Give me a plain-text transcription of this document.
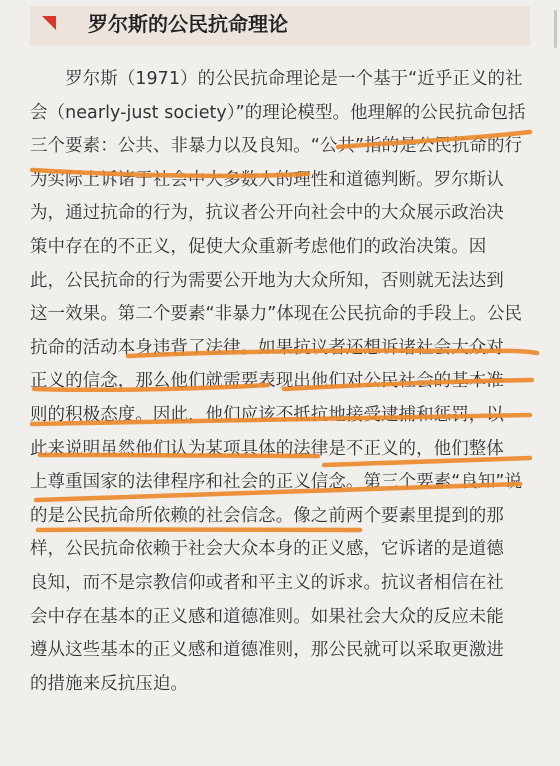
罗尔斯的公民抗命理论
　　罗尔斯（1971）的公民抗命理论是一个基于“近乎正义的社
会（nearly-just society）”的理论模型。他理解的公民抗命包括
三个要素：公共、非暴力以及良知。“公共”指的是公民抗命的行
为实际上诉诸于社会中大多数人的理性和道德判断。罗尔斯认
为，通过抗命的行为，抗议者公开向社会中的大众展示政治决
策中存在的不正义，促使大众重新考虑他们的政治决策。因
此，公民抗命的行为需要公开地为大众所知，否则就无法达到
这一效果。第二个要素“非暴力”体现在公民抗命的手段上。公民
抗命的活动本身违背了法律。如果抗议者还想诉诸社会大众对
正义的信念，那么他们就需要表现出他们对公民社会的基本准
则的积极态度。因此，他们应该不抵抗地接受逮捕和惩罚，以
此来说明虽然他们认为某项具体的法律是不正义的，他们整体
上尊重国家的法律程序和社会的正义信念。第三个要素“良知”说
的是公民抗命所依赖的社会信念。像之前两个要素里提到的那
样，公民抗命依赖于社会大众本身的正义感，它诉诸的是道德
良知，而不是宗教信仰或者和平主义的诉求。抗议者相信在社
会中存在基本的正义感和道德准则。如果社会大众的反应未能
遵从这些基本的正义感和道德准则，那公民就可以采取更激进
的措施来反抗压迫。
